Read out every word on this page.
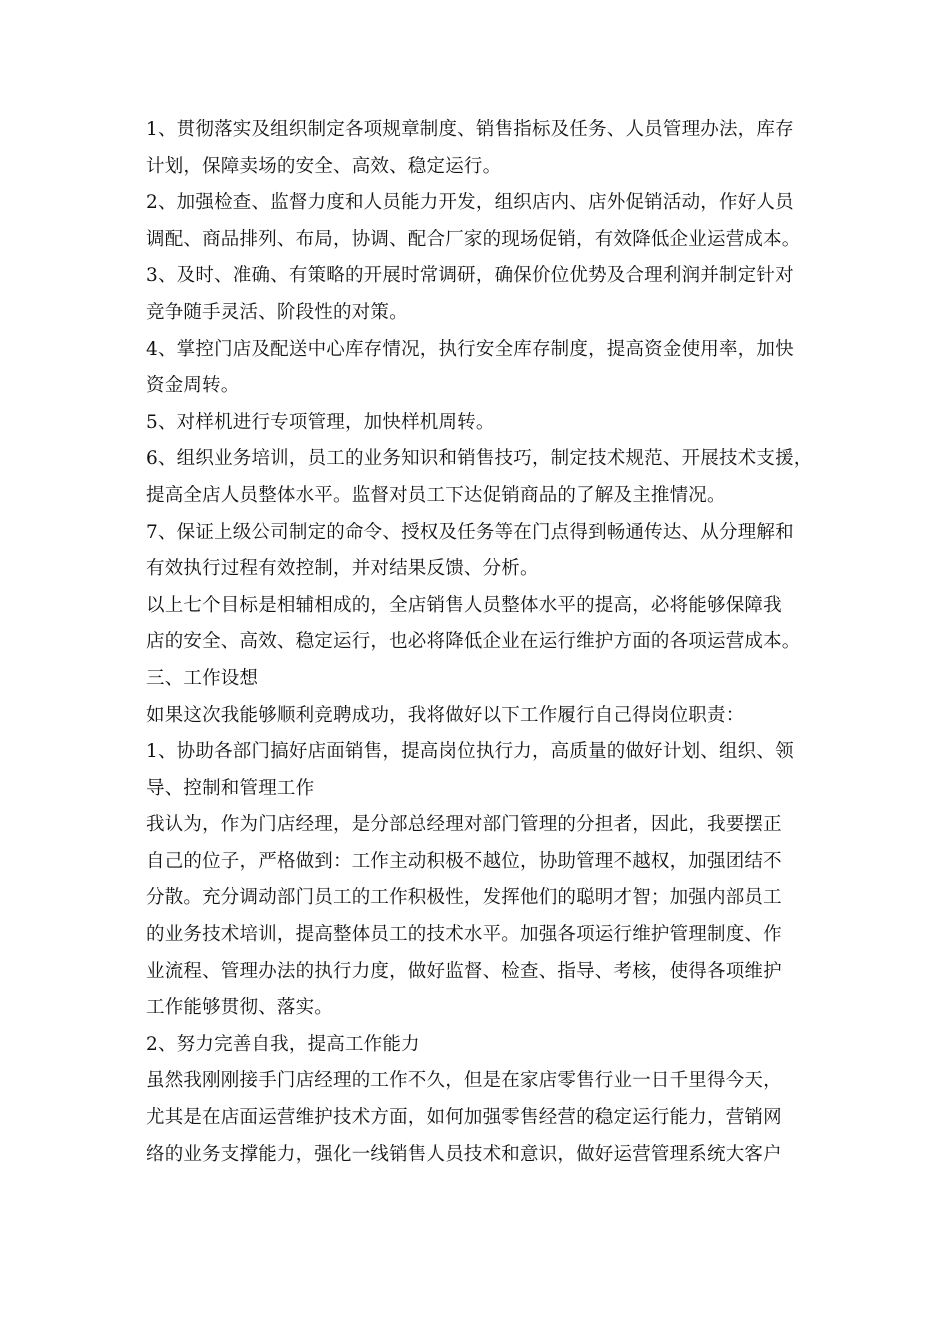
1、贯彻落实及组织制定各项规章制度、销售指标及任务、人员管理办法，库存
计划，保障卖场的安全、高效、稳定运行。
2、加强检查、监督力度和人员能力开发，组织店内、店外促销活动，作好人员
调配、商品排列、布局，协调、配合厂家的现场促销，有效降低企业运营成本。
3、及时、准确、有策略的开展时常调研，确保价位优势及合理利润并制定针对
竞争随手灵活、阶段性的对策。
4、掌控门店及配送中心库存情况，执行安全库存制度，提高资金使用率，加快
资金周转。
5、对样机进行专项管理，加快样机周转。
6、组织业务培训，员工的业务知识和销售技巧，制定技术规范、开展技术支援，
提高全店人员整体水平。监督对员工下达促销商品的了解及主推情况。
7、保证上级公司制定的命令、授权及任务等在门点得到畅通传达、从分理解和
有效执行过程有效控制，并对结果反馈、分析。
以上七个目标是相辅相成的，全店销售人员整体水平的提高，必将能够保障我
店的安全、高效、稳定运行，也必将降低企业在运行维护方面的各项运营成本。
三、工作设想
如果这次我能够顺利竞聘成功，我将做好以下工作履行自己得岗位职责：
1、协助各部门搞好店面销售，提高岗位执行力，高质量的做好计划、组织、领
导、控制和管理工作
我认为，作为门店经理，是分部总经理对部门管理的分担者，因此，我要摆正
自己的位子，严格做到：工作主动积极不越位，协助管理不越权，加强团结不
分散。充分调动部门员工的工作积极性，发挥他们的聪明才智；加强内部员工
的业务技术培训，提高整体员工的技术水平。加强各项运行维护管理制度、作
业流程、管理办法的执行力度，做好监督、检查、指导、考核，使得各项维护
工作能够贯彻、落实。
2、努力完善自我，提高工作能力
虽然我刚刚接手门店经理的工作不久，但是在家店零售行业一日千里得今天，
尤其是在店面运营维护技术方面，如何加强零售经营的稳定运行能力，营销网
络的业务支撑能力，强化一线销售人员技术和意识，做好运营管理系统大客户
